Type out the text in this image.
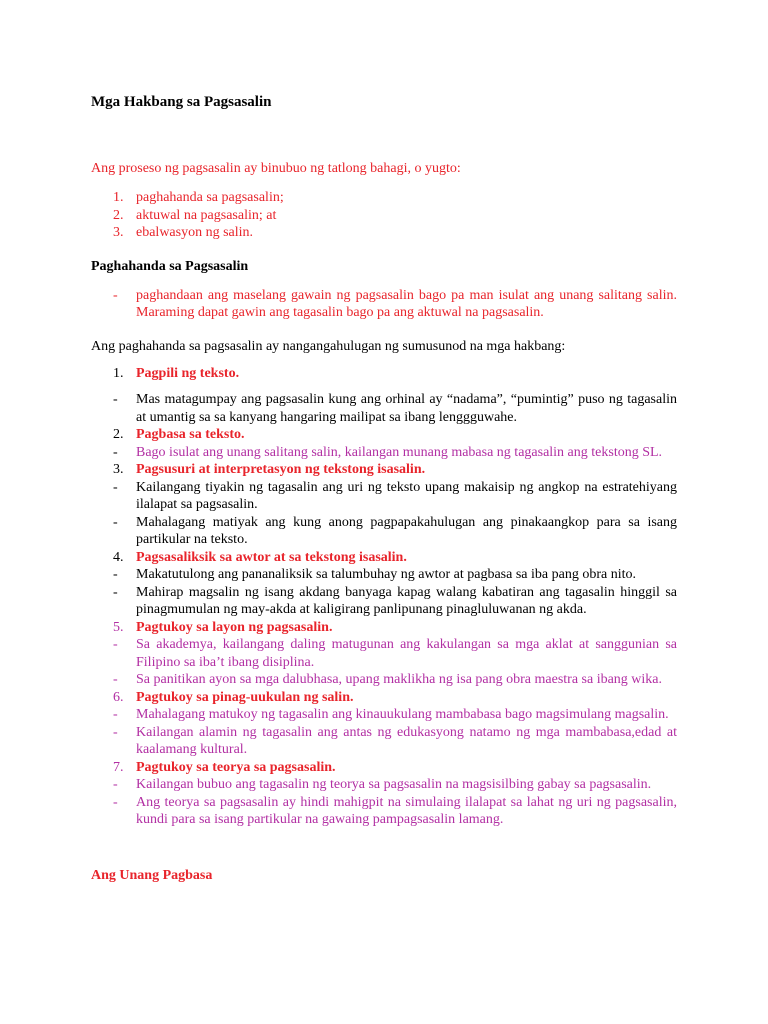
Mga Hakbang sa Pagsasalin

Ang proseso ng pagsasalin ay binubuo ng tatlong bahagi, o yugto:

1. paghahanda sa pagsasalin;
2. aktuwal na pagsasalin; at
3. ebalwasyon ng salin.

Paghahanda sa Pagsasalin

-	paghandaan ang maselang gawain ng pagsasalin bago pa man isulat ang unang salitang salin. Maraming dapat gawin ang tagasalin bago pa ang aktuwal na pagsasalin.

Ang paghahanda sa pagsasalin ay nangangahulugan ng sumusunod na mga hakbang:

1. Pagpili ng teksto.
-	Mas matagumpay ang pagsasalin kung ang orhinal ay “nadama”, “pumintig” puso ng tagasalin at umantig sa sa kanyang hangaring mailipat sa ibang lenggguwahe.
2. Pagbasa sa teksto.
-	Bago isulat ang unang salitang salin, kailangan munang mabasa ng tagasalin ang tekstong SL.
3. Pagsusuri at interpretasyon ng tekstong isasalin.
-	Kailangang tiyakin ng tagasalin ang uri ng teksto upang makaisip ng angkop na estratehiyang ilalapat sa pagsasalin.
-	Mahalagang matiyak ang kung anong pagpapakahulugan ang pinakaangkop para sa isang partikular na teksto.
4. Pagsasaliksik sa awtor at sa tekstong isasalin.
-	Makatutulong ang pananaliksik sa talumbuhay ng awtor at pagbasa sa iba pang obra nito.
-	Mahirap magsalin ng isang akdang banyaga kapag walang kabatiran ang tagasalin hinggil sa pinagmumulan ng may-akda at kaligirang panlipunang pinagluluwanan ng akda.
5. Pagtukoy sa layon ng pagsasalin.
-	Sa akademya, kailangang daling matugunan ang kakulangan sa mga aklat at sanggunian sa Filipino sa iba’t ibang disiplina.
-	Sa panitikan ayon sa mga dalubhasa, upang maklikha ng isa pang obra maestra sa ibang wika.
6. Pagtukoy sa pinag-uukulan ng salin.
-	Mahalagang matukoy ng tagasalin ang kinauukulang mambabasa bago magsimulang magsalin.
-	Kailangan alamin ng tagasalin ang antas ng edukasyong natamo ng mga mambabasa,edad at kaalamang kultural.
7. Pagtukoy sa teorya sa pagsasalin.
-	Kailangan bubuo ang tagasalin ng teorya sa pagsasalin na magsisilbing gabay sa pagsasalin.
-	Ang teorya sa pagsasalin ay hindi mahigpit na simulaing ilalapat sa lahat ng uri ng pagsasalin, kundi para sa isang partikular na gawaing pampagsasalin lamang.

Ang Unang Pagbasa
